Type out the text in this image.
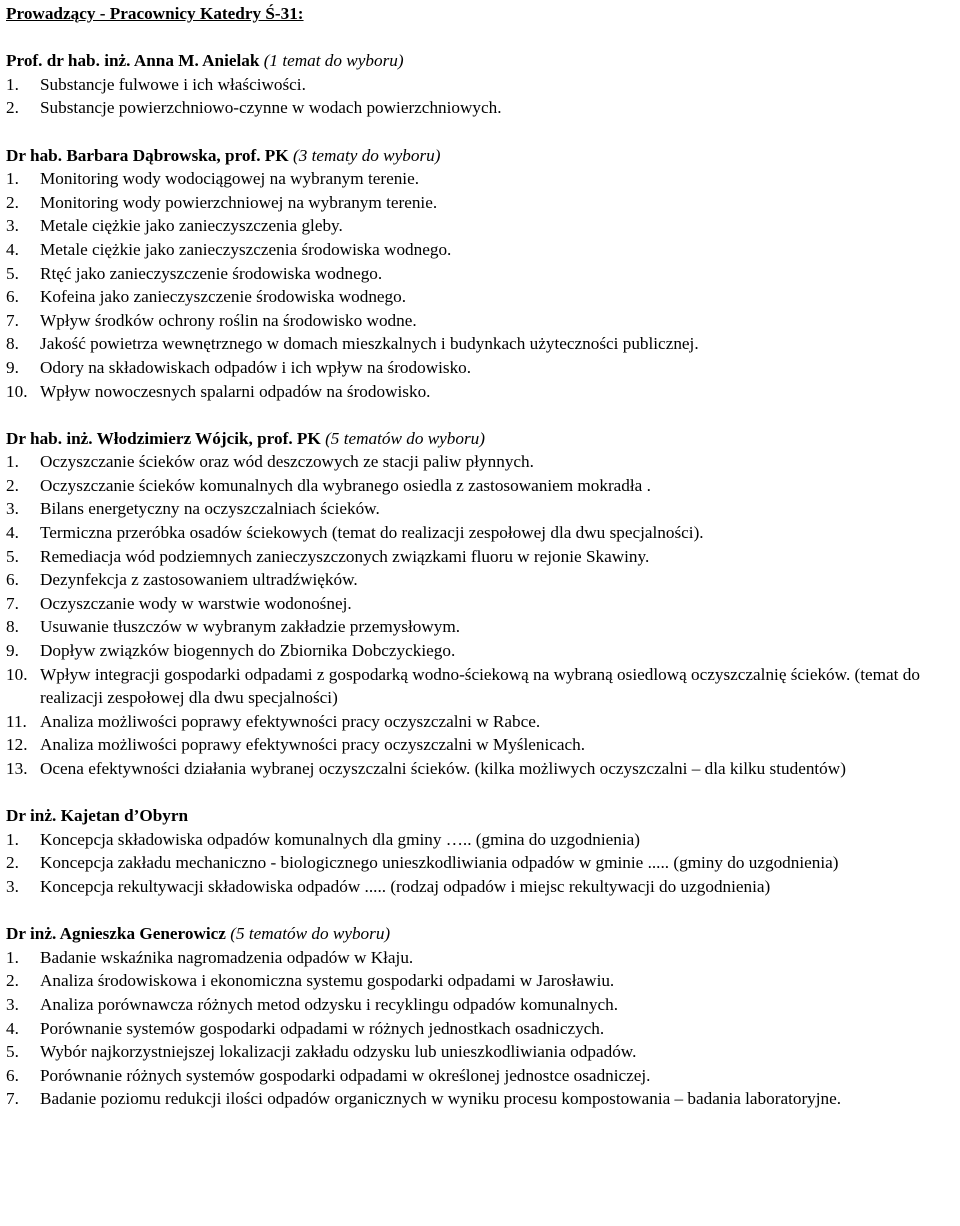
Prowadzący - Pracownicy Katedry Ś-31:

Prof. dr hab. inż. Anna M. Anielak (1 temat do wyboru)

1.	Substancje fulwowe i ich właściwości.
2.	Substancje powierzchniowo-czynne w wodach powierzchniowych.

Dr hab. Barbara Dąbrowska, prof. PK (3 tematy do wyboru)

1.	Monitoring wody wodociągowej na wybranym terenie.
2.	Monitoring wody powierzchniowej na wybranym terenie.
3.	Metale ciężkie jako zanieczyszczenia gleby.
4.	Metale ciężkie jako zanieczyszczenia środowiska wodnego.
5.	Rtęć jako zanieczyszczenie środowiska wodnego.
6.	Kofeina jako zanieczyszczenie środowiska wodnego.
7.	Wpływ środków ochrony roślin na środowisko wodne.
8.	Jakość powietrza wewnętrznego w domach mieszkalnych i budynkach użyteczności publicznej.
9.	Odory na składowiskach odpadów i ich wpływ na środowisko.
10. Wpływ nowoczesnych spalarni odpadów na środowisko.

Dr hab. inż. Włodzimierz Wójcik, prof. PK (5 tematów do wyboru)

1.	Oczyszczanie ścieków oraz wód deszczowych ze stacji paliw płynnych.
2.	Oczyszczanie ścieków komunalnych dla wybranego osiedla z zastosowaniem mokradła .
3.	Bilans energetyczny na oczyszczalniach ścieków.
4.	Termiczna przeróbka osadów ściekowych (temat do realizacji zespołowej dla dwu specjalności).
5.	Remediacja wód podziemnych zanieczyszczonych związkami fluoru w rejonie Skawiny.
6.	Dezynfekcja z zastosowaniem ultradźwięków.
7.	Oczyszczanie wody w warstwie wodonośnej.
8.	Usuwanie tłuszczów w wybranym zakładzie przemysłowym.
9.	Dopływ związków biogennych do Zbiornika Dobczyckiego.
10. Wpływ integracji gospodarki odpadami z gospodarką wodno-ściekową na wybraną osiedlową oczyszczalnię ścieków. (temat do realizacji zespołowej dla dwu specjalności)
11. Analiza możliwości poprawy efektywności pracy oczyszczalni w Rabce.
12. Analiza możliwości poprawy efektywności pracy oczyszczalni w Myślenicach.
13. Ocena efektywności działania wybranej oczyszczalni ścieków. (kilka możliwych oczyszczalni – dla kilku studentów)

Dr inż. Kajetan d’Obyrn

1.	Koncepcja składowiska odpadów komunalnych dla gminy ….. (gmina do uzgodnienia)
2.	Koncepcja zakładu mechaniczno - biologicznego unieszkodliwiania odpadów w gminie ..... (gminy do uzgodnienia)
3.	Koncepcja rekultywacji składowiska odpadów ..... (rodzaj odpadów i miejsc rekultywacji do uzgodnienia)

Dr inż. Agnieszka Generowicz (5 tematów do wyboru)

1.	Badanie wskaźnika nagromadzenia odpadów w Kłaju.
2.	Analiza środowiskowa i ekonomiczna systemu gospodarki odpadami w Jarosławiu.
3.	Analiza porównawcza różnych metod odzysku i recyklingu odpadów komunalnych.
4.	Porównanie systemów gospodarki odpadami w różnych jednostkach osadniczych.
5.	Wybór najkorzystniejszej lokalizacji zakładu odzysku lub unieszkodliwiania odpadów.
6.	Porównanie różnych systemów gospodarki odpadami w określonej jednostce osadniczej.
7.	Badanie poziomu redukcji ilości odpadów organicznych w wyniku procesu kompostowania – badania laboratoryjne.
